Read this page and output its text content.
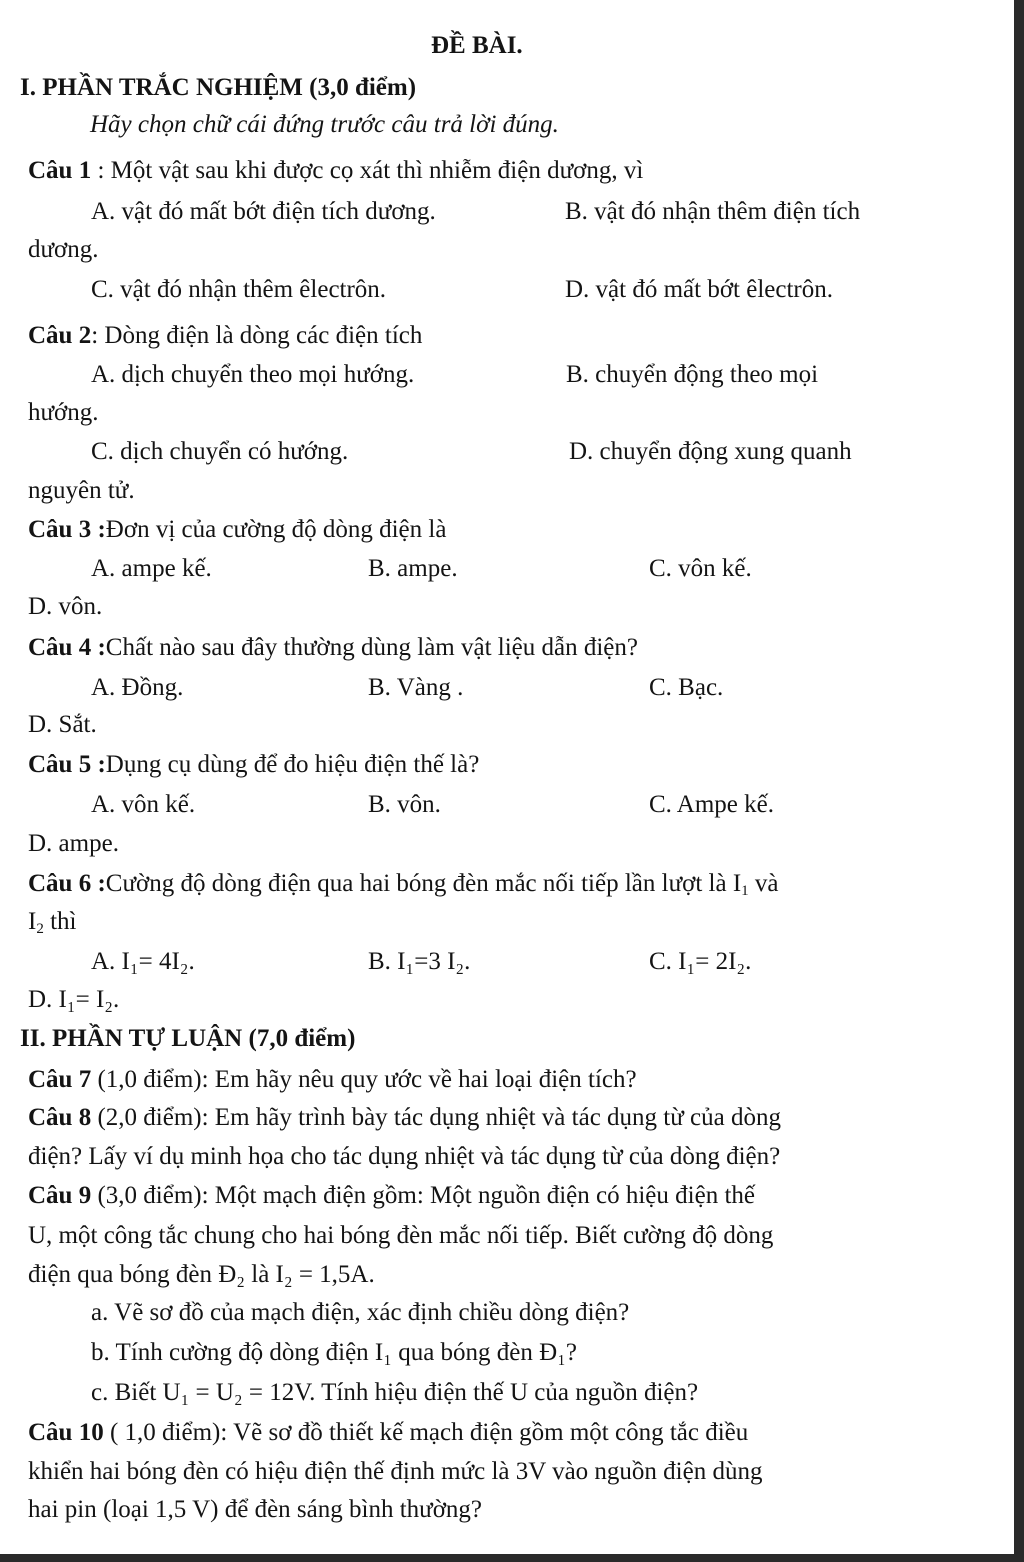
ĐỀ BÀI.
I. PHẦN TRẮC NGHIỆM (3,0 điểm)
Hãy chọn chữ cái đứng trước câu trả lời đúng.
Câu 1 : Một vật sau khi được cọ xát thì nhiễm điện dương, vì
A. vật đó mất bớt điện tích dương.	B. vật đó nhận thêm điện tích
dương.
C. vật đó nhận thêm êlectrôn.	D. vật đó mất bớt êlectrôn.
Câu 2: Dòng điện là dòng các điện tích
A. dịch chuyển theo mọi hướng.	B. chuyển động theo mọi
hướng.
C. dịch chuyển có hướng.	D. chuyển động xung quanh
nguyên tử.
Câu 3 :Đơn vị của cường độ dòng điện là
A. ampe kế.	B. ampe.	C. vôn kế.
D. vôn.
Câu 4 :Chất nào sau đây thường dùng làm vật liệu dẫn điện?
A. Đồng.	B. Vàng .	C. Bạc.
D. Sắt.
Câu 5 :Dụng cụ dùng để đo hiệu điện thế là?
A. vôn kế.	B. vôn.	C. Ampe kế.
D. ampe.
Câu 6 :Cường độ dòng điện qua hai bóng đèn mắc nối tiếp lần lượt là $I_1$ và
$I_2$ thì
A. I₁= 4I₂.	B. I₁=3 I₂.	C. I₁= 2I₂.
D. I₁= I₂.
II. PHẦN TỰ LUẬN (7,0 điểm)
Câu 7 (1,0 điểm): Em hãy nêu quy ước về hai loại điện tích?
Câu 8 (2,0 điểm): Em hãy trình bày tác dụng nhiệt và tác dụng từ của dòng
điện? Lấy ví dụ minh họa cho tác dụng nhiệt và tác dụng từ của dòng điện?
Câu 9 (3,0 điểm): Một mạch điện gồm: Một nguồn điện có hiệu điện thế
U, một công tắc chung cho hai bóng đèn mắc nối tiếp. Biết cường độ dòng
điện qua bóng đèn Đ₂ là I₂ = 1,5A.
a. Vẽ sơ đồ của mạch điện, xác định chiều dòng điện?
b. Tính cường độ dòng điện I₁ qua bóng đèn Đ₁?
c. Biết U₁ = U₂ = 12V. Tính hiệu điện thế U của nguồn điện?
Câu 10 ( 1,0 điểm): Vẽ sơ đồ thiết kế mạch điện gồm một công tắc điều
khiển hai bóng đèn có hiệu điện thế định mức là 3V vào nguồn điện dùng
hai pin (loại 1,5 V) để đèn sáng bình thường?
